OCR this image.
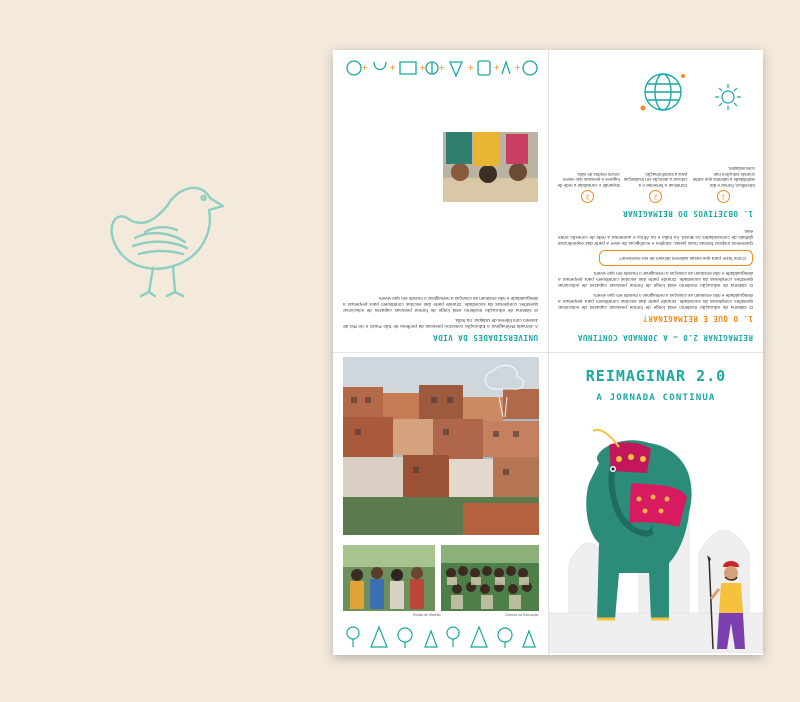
REIMAGINAR 2.0 – A JORNADA CONTINUA
1. O QUE É REIMAGINAR?

O sistema de educação moderno está longe de formar pessoas capazes de solucionar questões complexas da sociedade. Grande parte das escolas contribuem para perpetuar a desigualdade e não ensinam as crianças a reimaginar o mundo em que vivem.

O sistema de educação moderno está longe de formar pessoas capazes de solucionar questões complexas da sociedade. Grande parte das escolas contribuem para perpetuar a desigualdade e não ensinam as crianças a reimaginar o mundo em que vivem.

Como fazer para que essas saberes deixem de ser invisíveis?

Queremos inspirar formas mais justas, simples e ecológicas de viver a partir das experiências globais de comunidades no Brasil, na Índia e na África e aumentar a rede de conexão entre elas.

1. OBJETIVOS DO REIMAGINAR
1
Identificar, formar e dar visibilidade a talentos que estão criando soluções nas comunidades.
2
Continuar a fomentar e a colocar a atenção em mudanças para a transformação.
3
Expandir e consolidar a rede de lugares e pessoas que vivem novos modos de vida.
UNIVERSIDADES DA VIDA

A Jornada Reimaginar a Educação conectou pessoas da periferia de São Paulo e do Rio de Janeiro com líderes de Udaipur, na Índia.

O sistema de educação moderno está longe de formar pessoas capazes de solucionar questões complexas da sociedade. Grande parte das escolas contribuem para perpetuar a desigualdade e não ensinam as crianças a reimaginar o mundo em que vivem.

+
+
+
+
+
+
+
Rodas de Mutirão	Cinema na Educação
REIMAGINAR 2.0
A JORNADA CONTINUA
